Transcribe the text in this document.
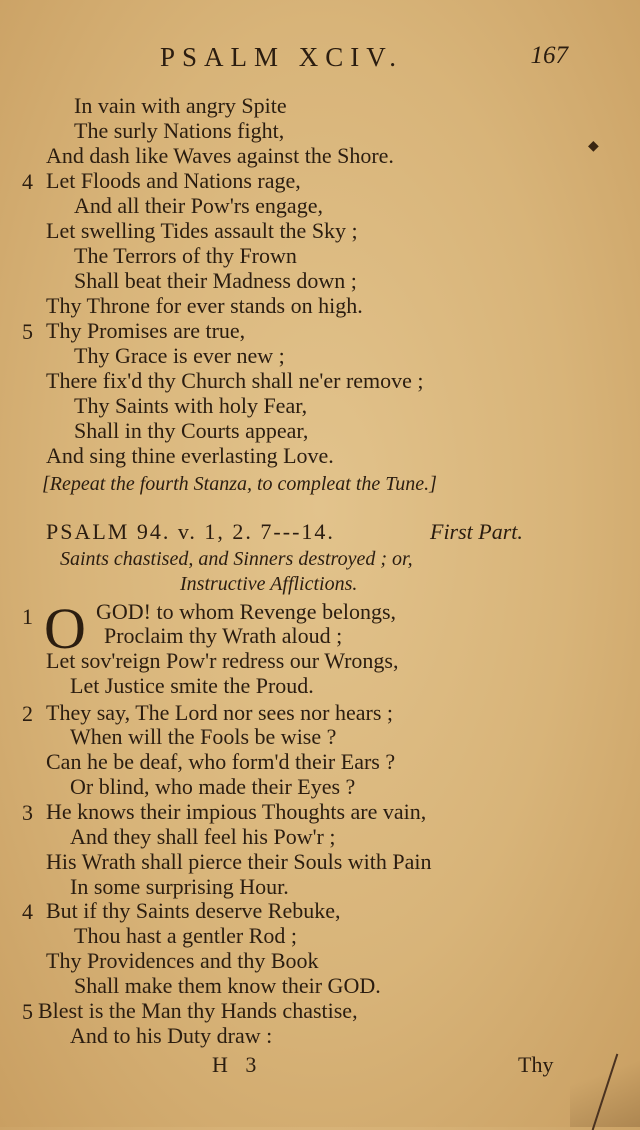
PSALM XCIV.	167
◆
In vain with angry Spite
The surly Nations fight,
And dash like Waves against the Shore.
4 Let Floods and Nations rage,
And all their Pow'rs engage,
Let swelling Tides assault the Sky ;
The Terrors of thy Frown
Shall beat their Madness down ;
Thy Throne for ever stands on high.
5 Thy Promises are true,
Thy Grace is ever new ;
There fix'd thy Church shall ne'er remove ;
Thy Saints with holy Fear,
Shall in thy Courts appear,
And sing thine everlasting Love.
[Repeat the fourth Stanza, to compleat the Tune.]
PSALM 94. v. 1, 2. 7---14.	First Part.
Saints chastised, and Sinners destroyed ; or,
Instructive Afflictions.
1 O GOD! to whom Revenge belongs,
Proclaim thy Wrath aloud ;
Let sov'reign Pow'r redress our Wrongs,
Let Justice smite the Proud.
2 They say, The Lord nor sees nor hears ;
When will the Fools be wise ?
Can he be deaf, who form'd their Ears ?
Or blind, who made their Eyes ?
3 He knows their impious Thoughts are vain,
And they shall feel his Pow'r ;
His Wrath shall pierce their Souls with Pain
In some surprising Hour.
4 But if thy Saints deserve Rebuke,
Thou hast a gentler Rod ;
Thy Providences and thy Book
Shall make them know their GOD.
5 Blest is the Man thy Hands chastise,
And to his Duty draw :
H 3	Thy
